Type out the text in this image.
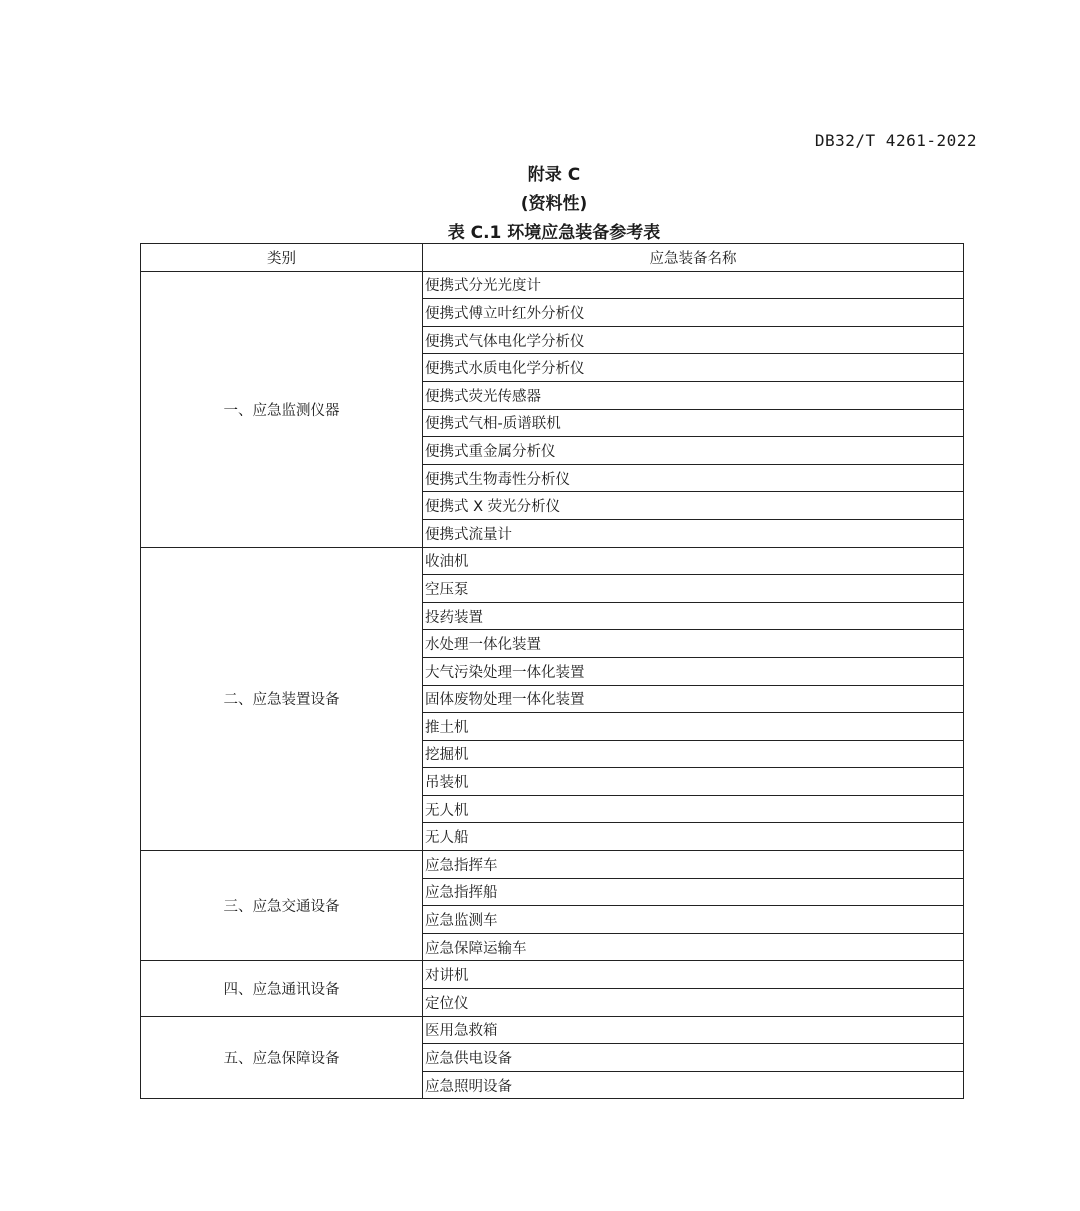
DB32/T 4261-2022
附录 C
(资料性)
表 C.1 环境应急装备参考表
类别	应急装备名称
一、应急监测仪器	便携式分光光度计
	便携式傅立叶红外分析仪
	便携式气体电化学分析仪
	便携式水质电化学分析仪
	便携式荧光传感器
	便携式气相-质谱联机
	便携式重金属分析仪
	便携式生物毒性分析仪
	便携式 X 荧光分析仪
	便携式流量计
二、应急装置设备	收油机
	空压泵
	投药装置
	水处理一体化装置
	大气污染处理一体化装置
	固体废物处理一体化装置
	推土机
	挖掘机
	吊装机
	无人机
	无人船
三、应急交通设备	应急指挥车
	应急指挥船
	应急监测车
	应急保障运输车
四、应急通讯设备	对讲机
	定位仪
五、应急保障设备	医用急救箱
	应急供电设备
	应急照明设备
